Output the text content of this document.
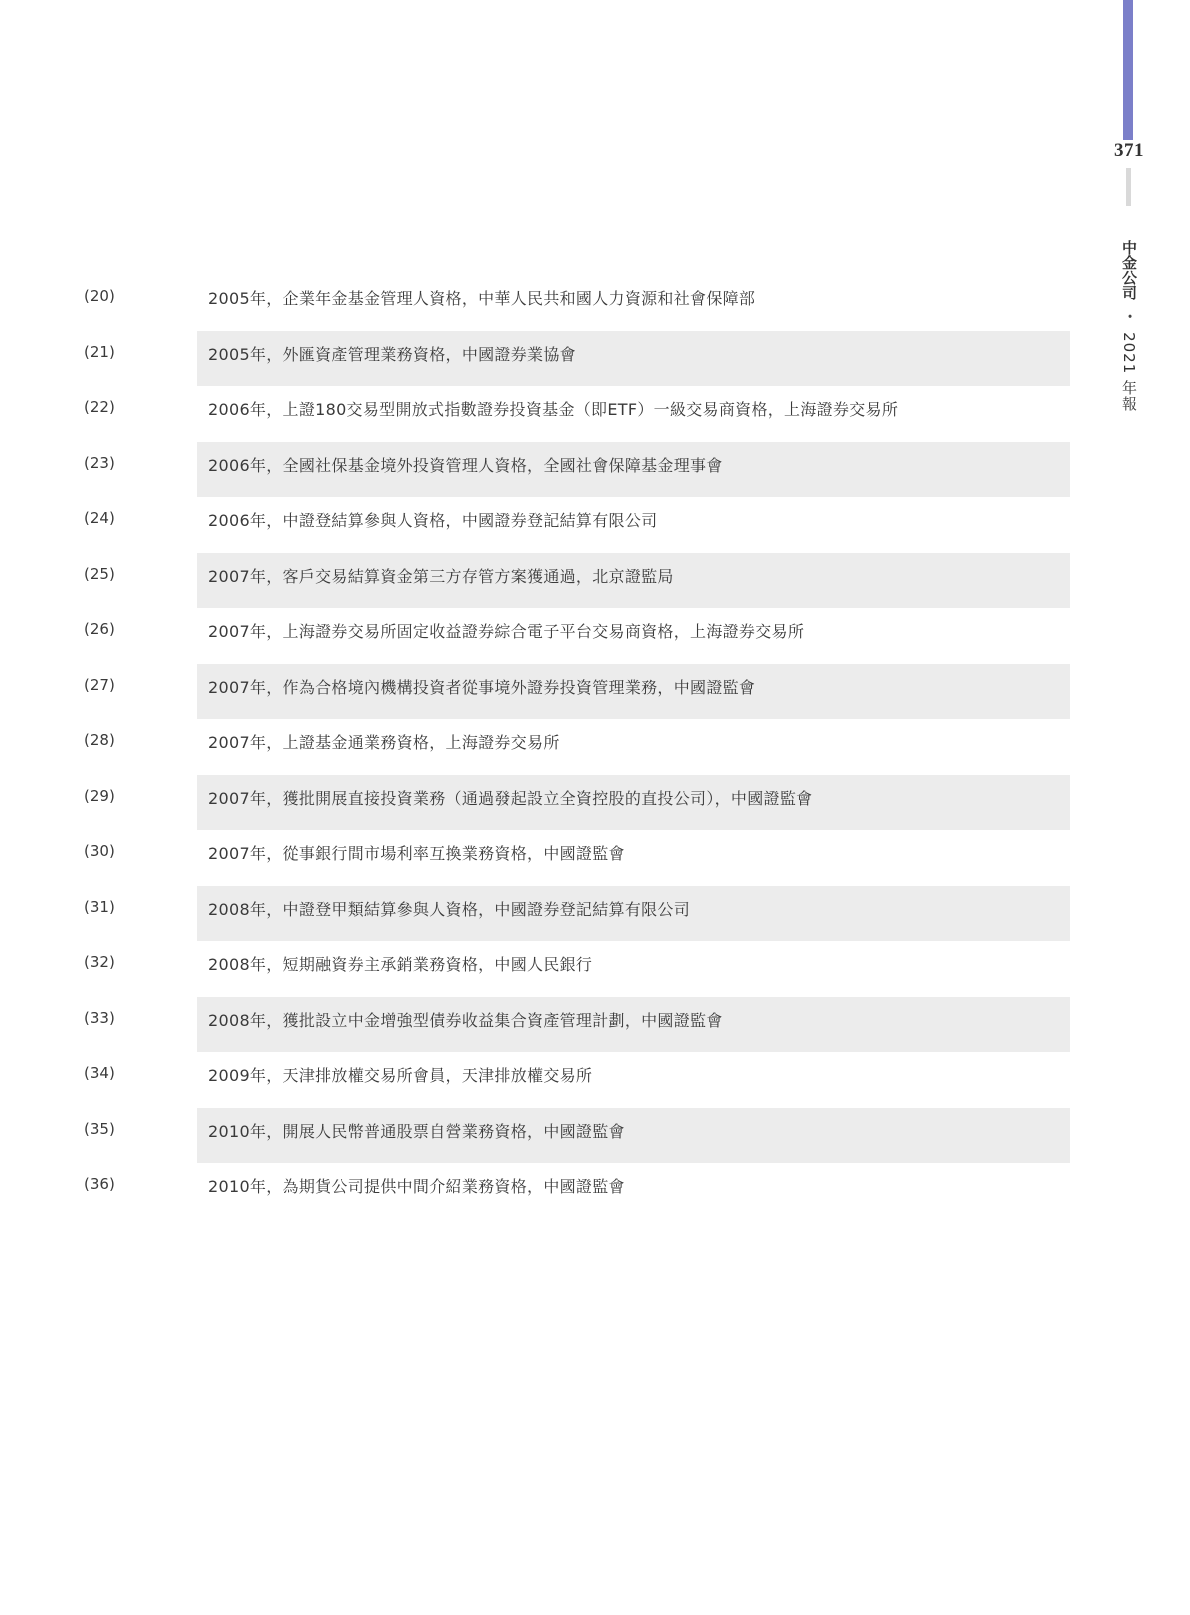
371
中金公司 • 2021 年報
(20)	2005年，企業年金基金管理人資格，中華人民共和國人力資源和社會保障部
(21)	2005年，外匯資產管理業務資格，中國證券業協會
(22)	2006年，上證180交易型開放式指數證券投資基金（即ETF）一級交易商資格，上海證券交易所
(23)	2006年，全國社保基金境外投資管理人資格，全國社會保障基金理事會
(24)	2006年，中證登結算參與人資格，中國證券登記結算有限公司
(25)	2007年，客戶交易結算資金第三方存管方案獲通過，北京證監局
(26)	2007年，上海證券交易所固定收益證券綜合電子平台交易商資格，上海證券交易所
(27)	2007年，作為合格境內機構投資者從事境外證券投資管理業務，中國證監會
(28)	2007年，上證基金通業務資格，上海證券交易所
(29)	2007年，獲批開展直接投資業務（通過發起設立全資控股的直投公司），中國證監會
(30)	2007年，從事銀行間市場利率互換業務資格，中國證監會
(31)	2008年，中證登甲類結算參與人資格，中國證券登記結算有限公司
(32)	2008年，短期融資券主承銷業務資格，中國人民銀行
(33)	2008年，獲批設立中金增強型債券收益集合資產管理計劃，中國證監會
(34)	2009年，天津排放權交易所會員，天津排放權交易所
(35)	2010年，開展人民幣普通股票自營業務資格，中國證監會
(36)	2010年，為期貨公司提供中間介紹業務資格，中國證監會
